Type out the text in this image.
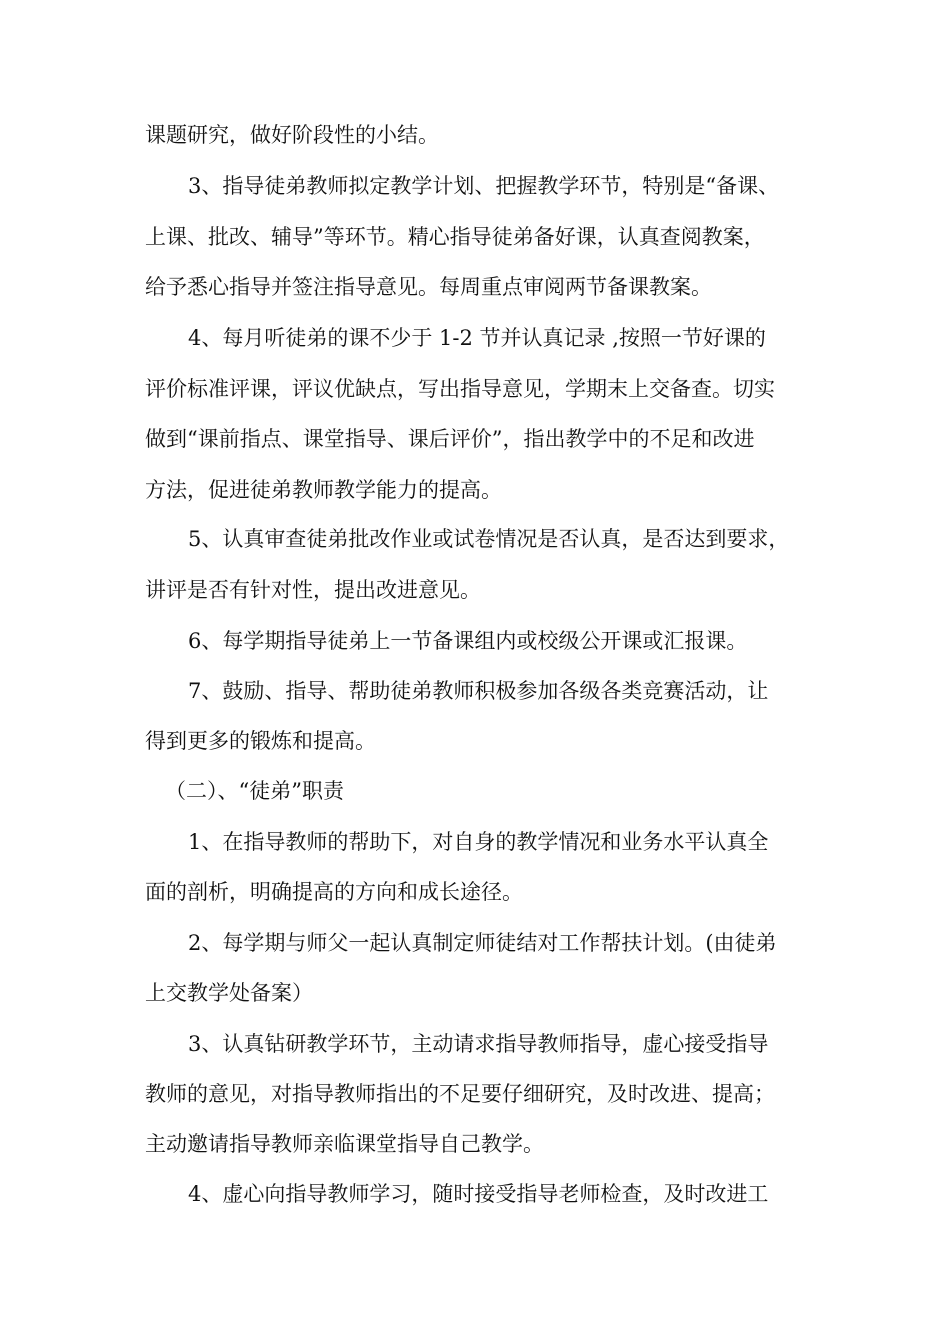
课题研究，做好阶段性的小结。
3、指导徒弟教师拟定教学计划、把握教学环节，特别是“备课、
上课、批改、辅导”等环节。精心指导徒弟备好课，认真查阅教案，
给予悉心指导并签注指导意见。每周重点审阅两节备课教案。
4、每月听徒弟的课不少于 1-2 节并认真记录 ,按照一节好课的
评价标准评课，评议优缺点，写出指导意见，学期末上交备查。切实
做到“课前指点、课堂指导、课后评价”，指出教学中的不足和改进
方法，促进徒弟教师教学能力的提高。
5、认真审查徒弟批改作业或试卷情况是否认真，是否达到要求，
讲评是否有针对性，提出改进意见。
6、每学期指导徒弟上一节备课组内或校级公开课或汇报课。
7、鼓励、指导、帮助徒弟教师积极参加各级各类竞赛活动，让
得到更多的锻炼和提高。
（二）、“徒弟”职责
1、在指导教师的帮助下，对自身的教学情况和业务水平认真全
面的剖析，明确提高的方向和成长途径。
2、每学期与师父一起认真制定师徒结对工作帮扶计划。(由徒弟
上交教学处备案）
3、认真钻研教学环节，主动请求指导教师指导，虚心接受指导
教师的意见，对指导教师指出的不足要仔细研究，及时改进、提高；
主动邀请指导教师亲临课堂指导自己教学。
4、虚心向指导教师学习，随时接受指导老师检查，及时改进工
